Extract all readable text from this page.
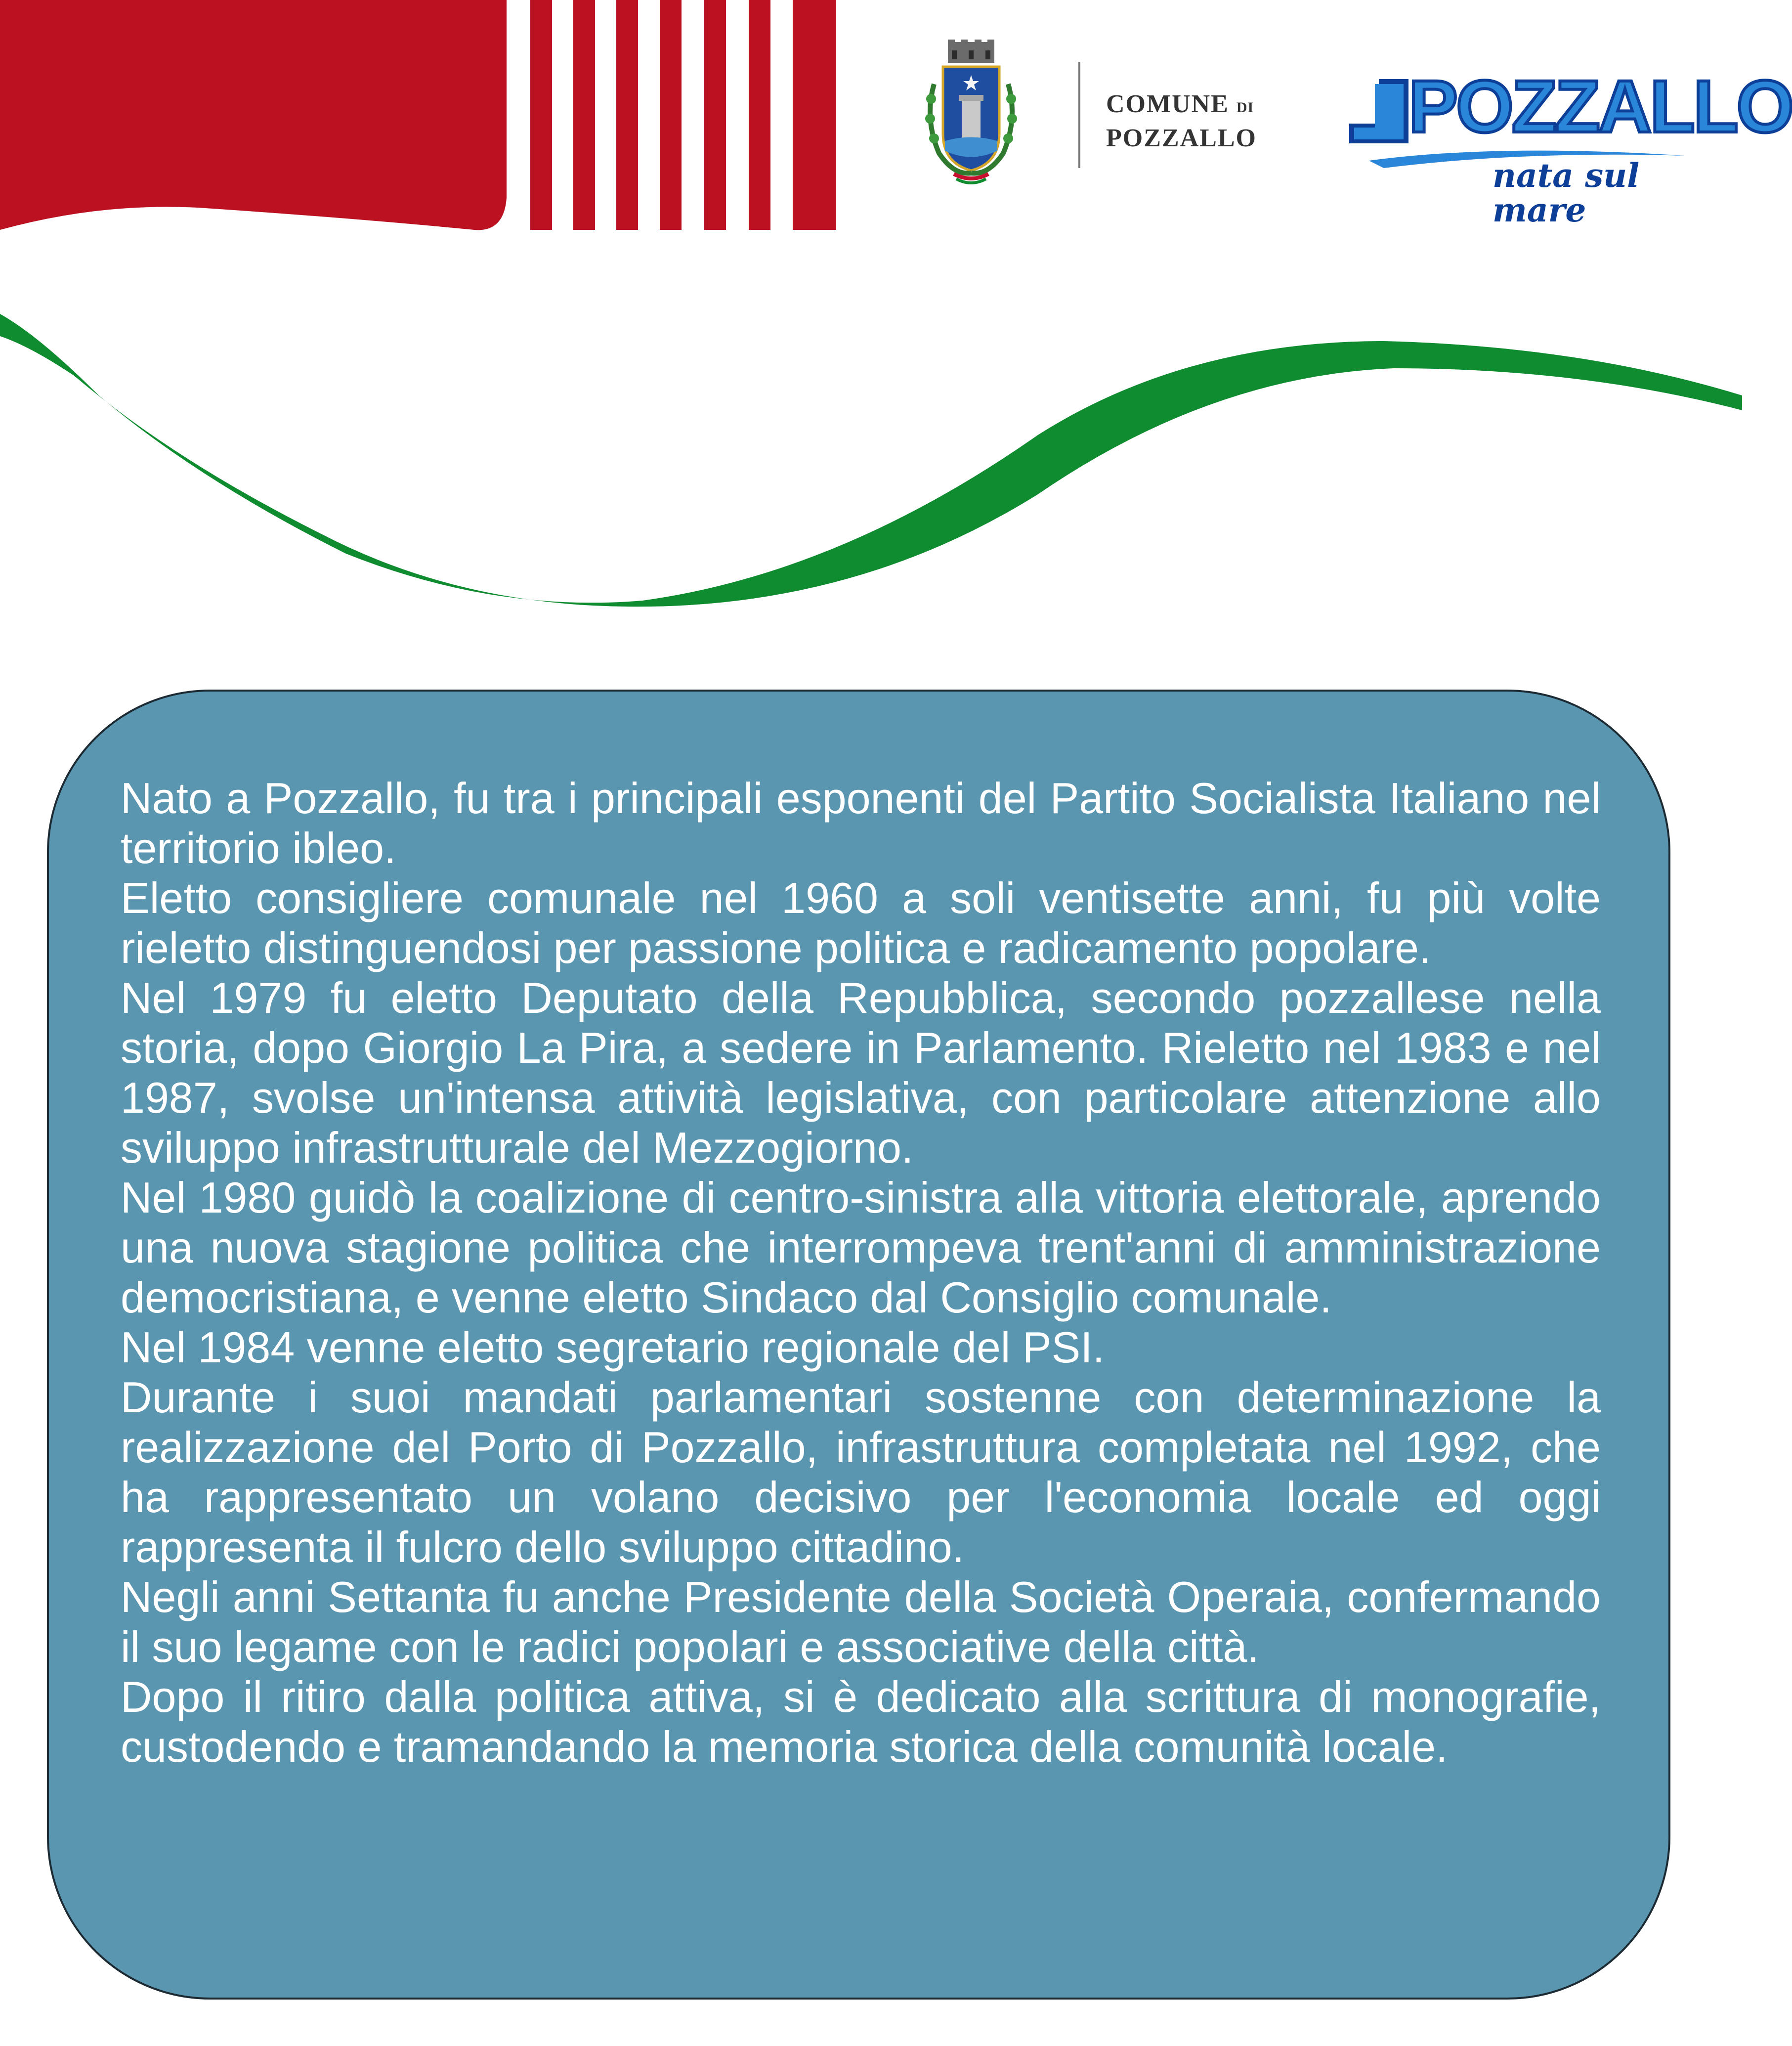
COMUNE DI
POZZALLO	POZZALLO
nata sul mare

Nato a Pozzallo, fu tra i principali esponenti del Partito Socialista Italiano nel territorio ibleo.

Eletto consigliere comunale nel 1960 a soli ventisette anni, fu più volte rieletto distinguendosi per passione politica e radicamento popolare.

Nel 1979 fu eletto Deputato della Repubblica, secondo pozzallese nella storia, dopo Giorgio La Pira, a sedere in Parlamento. Rieletto nel 1983 e nel 1987, svolse un'intensa attività legislativa, con particolare attenzione allo sviluppo infrastrutturale del Mezzogiorno.

Nel 1980 guidò la coalizione di centro-sinistra alla vittoria elettorale, aprendo una nuova stagione politica che interrompeva trent'anni di amministrazione democristiana, e venne eletto Sindaco dal Consiglio comunale.

Nel 1984 venne eletto segretario regionale del PSI.

Durante i suoi mandati parlamentari sostenne con determinazione la realizzazione del Porto di Pozzallo, infrastruttura completata nel 1992, che ha rappresentato un volano decisivo per l'economia locale ed oggi rappresenta il fulcro dello sviluppo cittadino.

Negli anni Settanta fu anche Presidente della Società Operaia, confermando il suo legame con le radici popolari e associative della città.

Dopo il ritiro dalla politica attiva, si è dedicato alla scrittura di monografie, custodendo e tramandando la memoria storica della comunità locale.
